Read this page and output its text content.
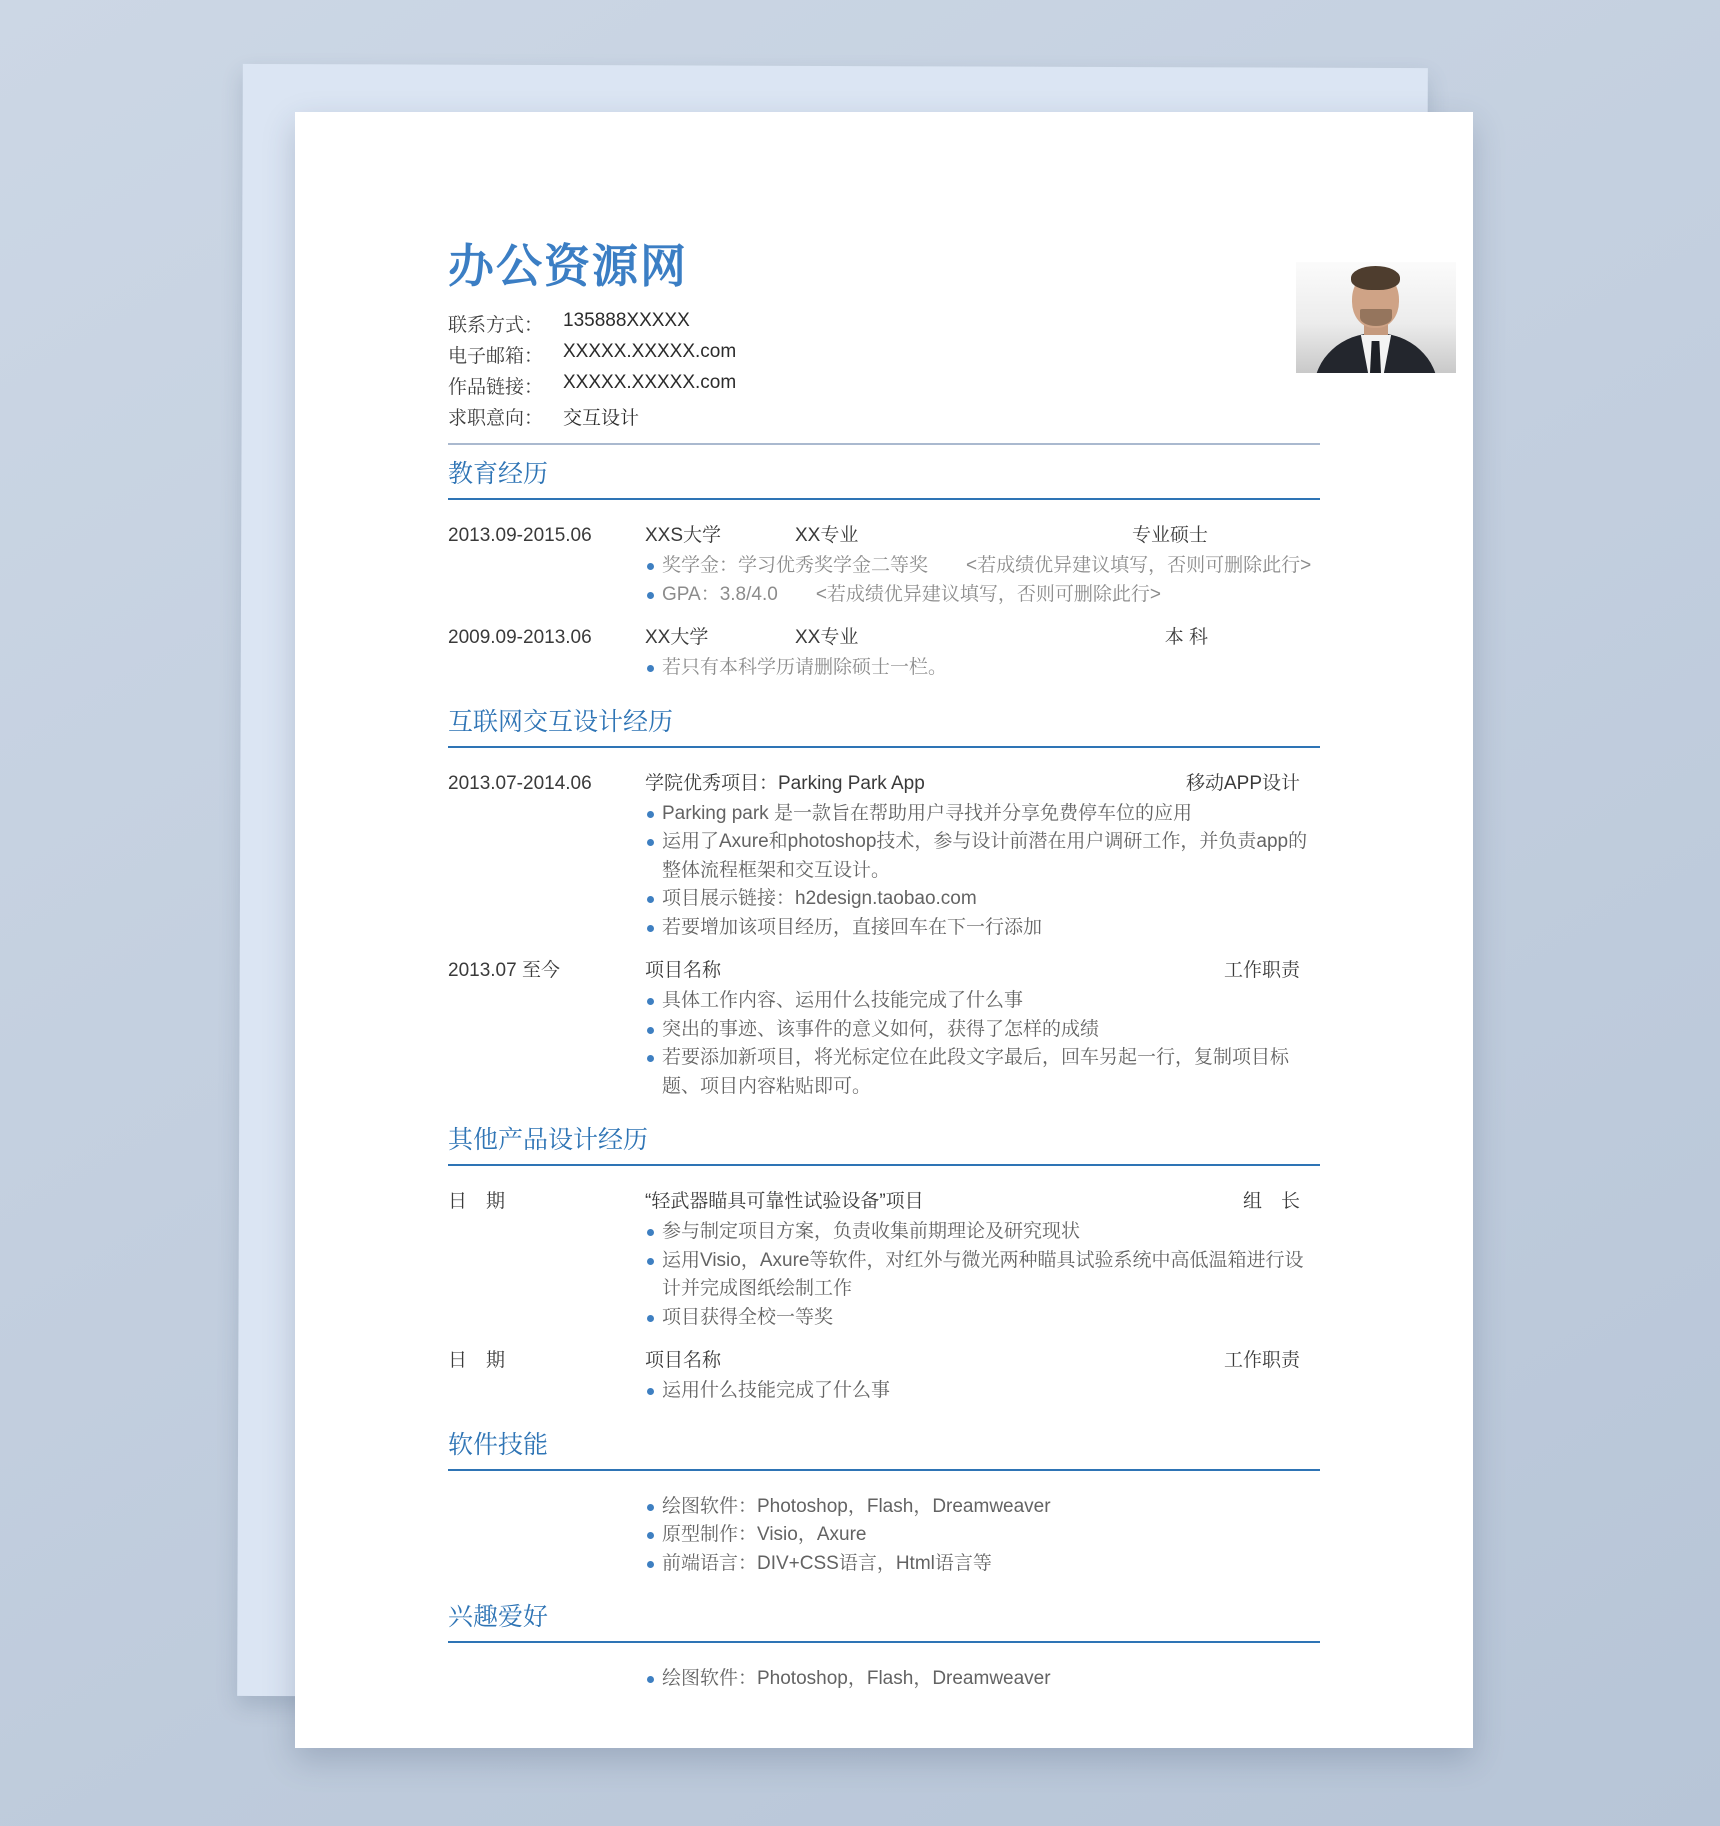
办公资源网
联系方式：	135888XXXXX
电子邮箱：	XXXXX.XXXXX.com
作品链接：	XXXXX.XXXXX.com
求职意向：	交互设计
教育经历
2013.09-2015.06	XXS大学	XX专业	专业硕士
奖学金：学习优秀奖学金二等奖　　<若成绩优异建议填写，否则可删除此行>
GPA：3.8/4.0　　<若成绩优异建议填写，否则可删除此行>
2009.09-2013.06	XX大学	XX专业	本 科
若只有本科学历请删除硕士一栏。
互联网交互设计经历
2013.07-2014.06	学院优秀项目：Parking Park App	移动APP设计
Parking park 是一款旨在帮助用户寻找并分享免费停车位的应用
运用了Axure和photoshop技术，参与设计前潜在用户调研工作，并负责app的整体流程框架和交互设计。
项目展示链接：h2design.taobao.com
若要增加该项目经历，直接回车在下一行添加
2013.07 至今	项目名称	工作职责
具体工作内容、运用什么技能完成了什么事
突出的事迹、该事件的意义如何，获得了怎样的成绩
若要添加新项目，将光标定位在此段文字最后，回车另起一行，复制项目标题、项目内容粘贴即可。
其他产品设计经历
日　期	“轻武器瞄具可靠性试验设备”项目	组　长
参与制定项目方案，负责收集前期理论及研究现状
运用Visio，Axure等软件，对红外与微光两种瞄具试验系统中高低温箱进行设计并完成图纸绘制工作
项目获得全校一等奖
日　期	项目名称	工作职责
运用什么技能完成了什么事
软件技能
绘图软件：Photoshop，Flash，Dreamweaver
原型制作：Visio，Axure
前端语言：DIV+CSS语言，Html语言等
兴趣爱好
绘图软件：Photoshop，Flash，Dreamweaver
